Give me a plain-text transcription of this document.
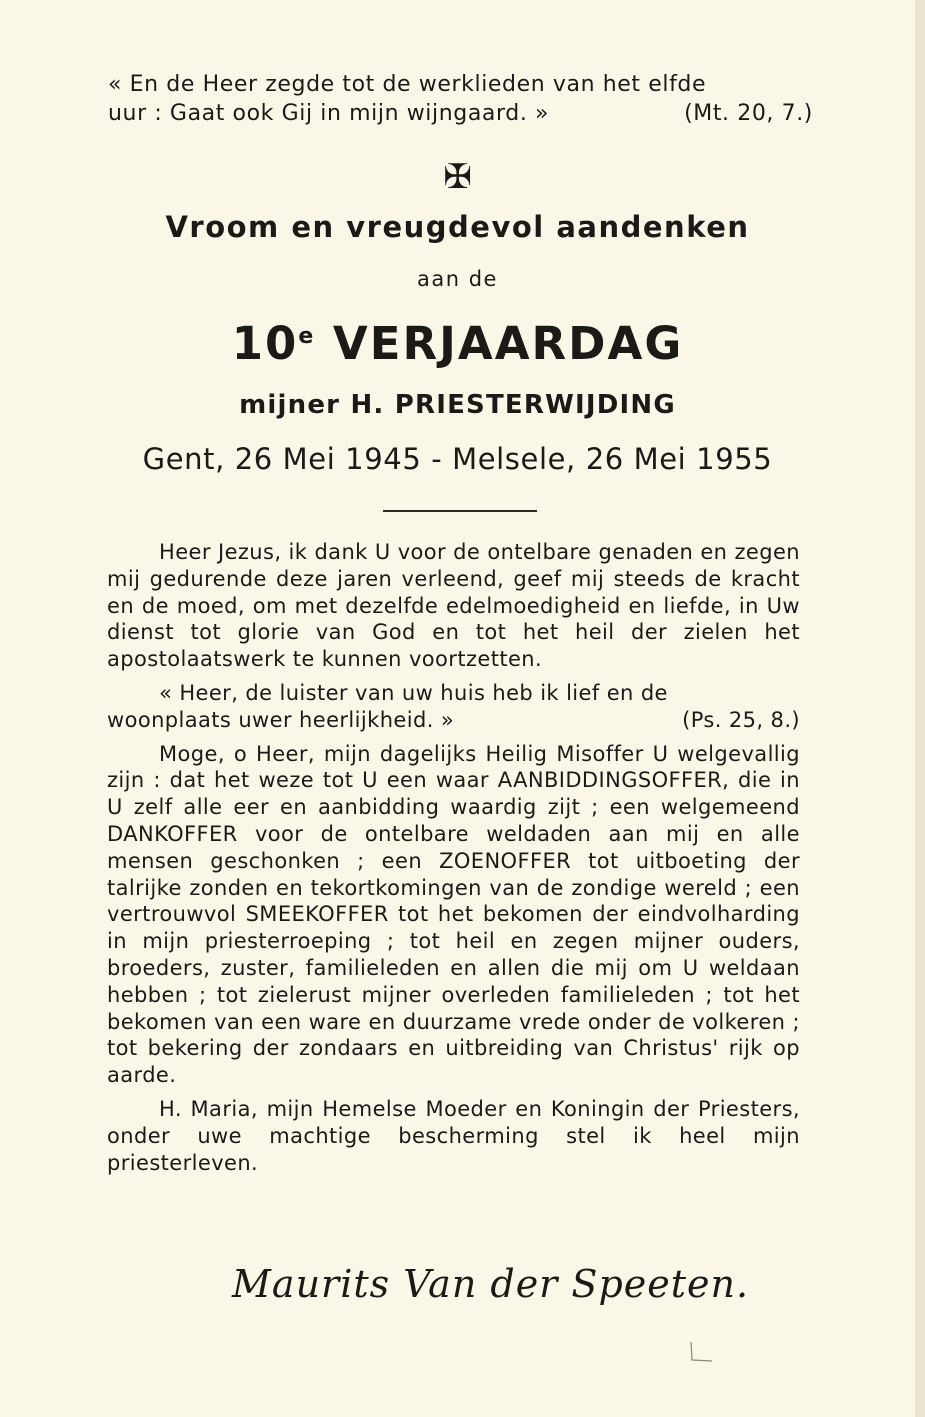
« En de Heer zegde tot de werklieden van het elfde
uur : Gaat ook Gij in mijn wijngaard. »	(Mt. 20, 7.)
✠
Vroom en vreugdevol aandenken
aan de
10e VERJAARDAG
mijner H. PRIESTERWIJDING
Gent, 26 Mei 1945 - Melsele, 26 Mei 1955

Heer Jezus, ik dank U voor de ontelbare genaden en zegen mij gedurende deze jaren verleend, geef mij steeds de kracht en de moed, om met dezelfde edelmoedigheid en liefde, in Uw dienst tot glorie van God en tot het heil der zielen het apostolaatswerk te kunnen voortzetten.

« Heer, de luister van uw huis heb ik lief en de

woonplaats uwer heerlijkheid. »	(Ps. 25, 8.)

Moge, o Heer, mijn dagelijks Heilig Misoffer U welgevallig zijn : dat het weze tot U een waar AANBIDDINGSOFFER, die in U zelf alle eer en aanbidding waardig zijt ; een welgemeend DANKOFFER voor de ontelbare weldaden aan mij en alle mensen geschonken ; een ZOENOFFER tot uitboeting der talrijke zonden en tekortkomingen van de zondige wereld ; een vertrouwvol SMEEKOFFER tot het bekomen der eindvolharding in mijn priesterroeping ; tot heil en zegen mijner ouders, broeders, zuster, familieleden en allen die mij om U weldaan hebben ; tot zielerust mijner overleden familieleden ; tot het bekomen van een ware en duurzame vrede onder de volkeren ; tot bekering der zondaars en uitbreiding van Christus' rijk op aarde.

H. Maria, mijn Hemelse Moeder en Koningin der Priesters, onder uwe machtige bescherming stel ik heel mijn priesterleven.

Maurits Van der Speeten.
